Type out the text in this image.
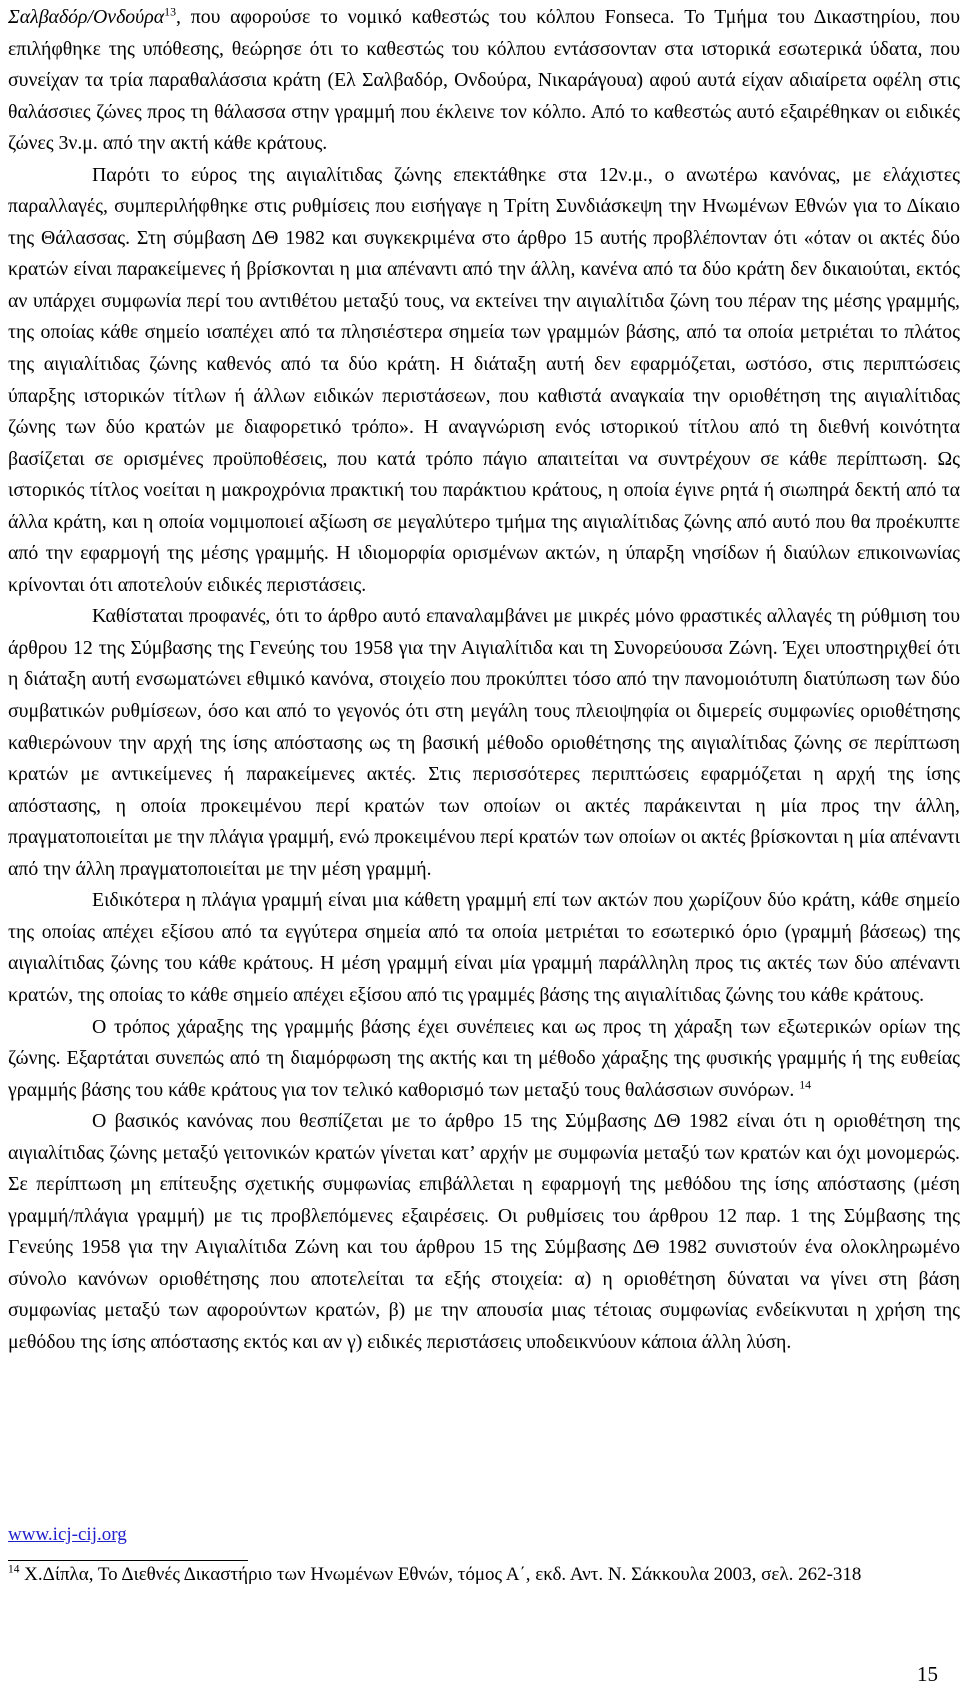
Σαλβαδόρ/Ονδούρα$^{13}$, που αφορούσε το νομικό καθεστώς του κόλπου Fonseca. Το Τμήμα του Δικαστηρίου, που επιλήφθηκε της υπόθεσης, θεώρησε ότι το καθεστώς του κόλπου εντάσσονταν στα ιστορικά εσωτερικά ύδατα, που συνείχαν τα τρία παραθαλάσσια κράτη (Ελ Σαλβαδόρ, Ονδούρα, Νικαράγουα) αφού αυτά είχαν αδιαίρετα οφέλη στις θαλάσσιες ζώνες προς τη θάλασσα στην γραμμή που έκλεινε τον κόλπο. Από το καθεστώς αυτό εξαιρέθηκαν οι ειδικές ζώνες 3ν.μ. από την ακτή κάθε κράτους.

Παρότι το εύρος της αιγιαλίτιδας ζώνης επεκτάθηκε στα 12ν.μ., ο ανωτέρω κανόνας, με ελάχιστες παραλλαγές, συμπεριλήφθηκε στις ρυθμίσεις που εισήγαγε η Τρίτη Συνδιάσκεψη την Ηνωμένων Εθνών για το Δίκαιο της Θάλασσας. Στη σύμβαση ΔΘ 1982 και συγκεκριμένα στο άρθρο 15 αυτής προβλέπονταν ότι «όταν οι ακτές δύο κρατών είναι παρακείμενες ή βρίσκονται η μια απέναντι από την άλλη, κανένα από τα δύο κράτη δεν δικαιούται, εκτός αν υπάρχει συμφωνία περί του αντιθέτου μεταξύ τους, να εκτείνει την αιγιαλίτιδα ζώνη του πέραν της μέσης γραμμής, της οποίας κάθε σημείο ισαπέχει από τα πλησιέστερα σημεία των γραμμών βάσης, από τα οποία μετριέται το πλάτος της αιγιαλίτιδας ζώνης καθενός από τα δύο κράτη. Η διάταξη αυτή δεν εφαρμόζεται, ωστόσο, στις περιπτώσεις ύπαρξης ιστορικών τίτλων ή άλλων ειδικών περιστάσεων, που καθιστά αναγκαία την οριοθέτηση της αιγιαλίτιδας ζώνης των δύο κρατών με διαφορετικό τρόπο». Η αναγνώριση ενός ιστορικού τίτλου από τη διεθνή κοινότητα βασίζεται σε ορισμένες προϋποθέσεις, που κατά τρόπο πάγιο απαιτείται να συντρέχουν σε κάθε περίπτωση. Ως ιστορικός τίτλος νοείται η μακροχρόνια πρακτική του παράκτιου κράτους, η οποία έγινε ρητά ή σιωπηρά δεκτή από τα άλλα κράτη, και η οποία νομιμοποιεί αξίωση σε μεγαλύτερο τμήμα της αιγιαλίτιδας ζώνης από αυτό που θα προέκυπτε από την εφαρμογή της μέσης γραμμής. Η ιδιομορφία ορισμένων ακτών, η ύπαρξη νησίδων ή διαύλων επικοινωνίας κρίνονται ότι αποτελούν ειδικές περιστάσεις.

Καθίσταται προφανές, ότι το άρθρο αυτό επαναλαμβάνει με μικρές μόνο φραστικές αλλαγές τη ρύθμιση του άρθρου 12 της Σύμβασης της Γενεύης του 1958 για την Αιγιαλίτιδα και τη Συνορεύουσα Ζώνη. Έχει υποστηριχθεί ότι η διάταξη αυτή ενσωματώνει εθιμικό κανόνα, στοιχείο που προκύπτει τόσο από την πανομοιότυπη διατύπωση των δύο συμβατικών ρυθμίσεων, όσο και από το γεγονός ότι στη μεγάλη τους πλειοψηφία οι διμερείς συμφωνίες οριοθέτησης καθιερώνουν την αρχή της ίσης απόστασης ως τη βασική μέθοδο οριοθέτησης της αιγιαλίτιδας ζώνης σε περίπτωση κρατών με αντικείμενες ή παρακείμενες ακτές. Στις περισσότερες περιπτώσεις εφαρμόζεται η αρχή της ίσης απόστασης, η οποία προκειμένου περί κρατών των οποίων οι ακτές παράκεινται η μία προς την άλλη, πραγματοποιείται με την πλάγια γραμμή, ενώ προκειμένου περί κρατών των οποίων οι ακτές βρίσκονται η μία απέναντι από την άλλη πραγματοποιείται με την μέση γραμμή.

Ειδικότερα η πλάγια γραμμή είναι μια κάθετη γραμμή επί των ακτών που χωρίζουν δύο κράτη, κάθε σημείο της οποίας απέχει εξίσου από τα εγγύτερα σημεία από τα οποία μετριέται το εσωτερικό όριο (γραμμή βάσεως) της αιγιαλίτιδας ζώνης του κάθε κράτους. Η μέση γραμμή είναι μία γραμμή παράλληλη προς τις ακτές των δύο απέναντι κρατών, της οποίας το κάθε σημείο απέχει εξίσου από τις γραμμές βάσης της αιγιαλίτιδας ζώνης του κάθε κράτους.

Ο τρόπος χάραξης της γραμμής βάσης έχει συνέπειες και ως προς τη χάραξη των εξωτερικών ορίων της ζώνης. Εξαρτάται συνεπώς από τη διαμόρφωση της ακτής και τη μέθοδο χάραξης της φυσικής γραμμής ή της ευθείας γραμμής βάσης του κάθε κράτους για τον τελικό καθορισμό των μεταξύ τους θαλάσσιων συνόρων. $^{14}$

Ο βασικός κανόνας που θεσπίζεται με το άρθρο 15 της Σύμβασης ΔΘ 1982 είναι ότι η οριοθέτηση της αιγιαλίτιδας ζώνης μεταξύ γειτονικών κρατών γίνεται κατ’ αρχήν με συμφωνία μεταξύ των κρατών και όχι μονομερώς. Σε περίπτωση μη επίτευξης σχετικής συμφωνίας επιβάλλεται η εφαρμογή της μεθόδου της ίσης απόστασης (μέση γραμμή/πλάγια γραμμή) με τις προβλεπόμενες εξαιρέσεις. Οι ρυθμίσεις του άρθρου 12 παρ. 1 της Σύμβασης της Γενεύης 1958 για την Αιγιαλίτιδα Ζώνη και του άρθρου 15 της Σύμβασης ΔΘ 1982 συνιστούν ένα ολοκληρωμένο σύνολο κανόνων οριοθέτησης που αποτελείται τα εξής στοιχεία: α) η οριοθέτηση δύναται να γίνει στη βάση συμφωνίας μεταξύ των αφορούντων κρατών, β) με την απουσία μιας τέτοιας συμφωνίας ενδείκνυται η χρήση της μεθόδου της ίσης απόστασης εκτός και αν γ) ειδικές περιστάσεις υποδεικνύουν κάποια άλλη λύση.

www.icj-cij.org
$^{14}$ Χ.Δίπλα, Το Διεθνές Δικαστήριο των Ηνωμένων Εθνών, τόμος Α΄, εκδ. Αντ. Ν. Σάκκουλα 2003, σελ. 262-318
15
